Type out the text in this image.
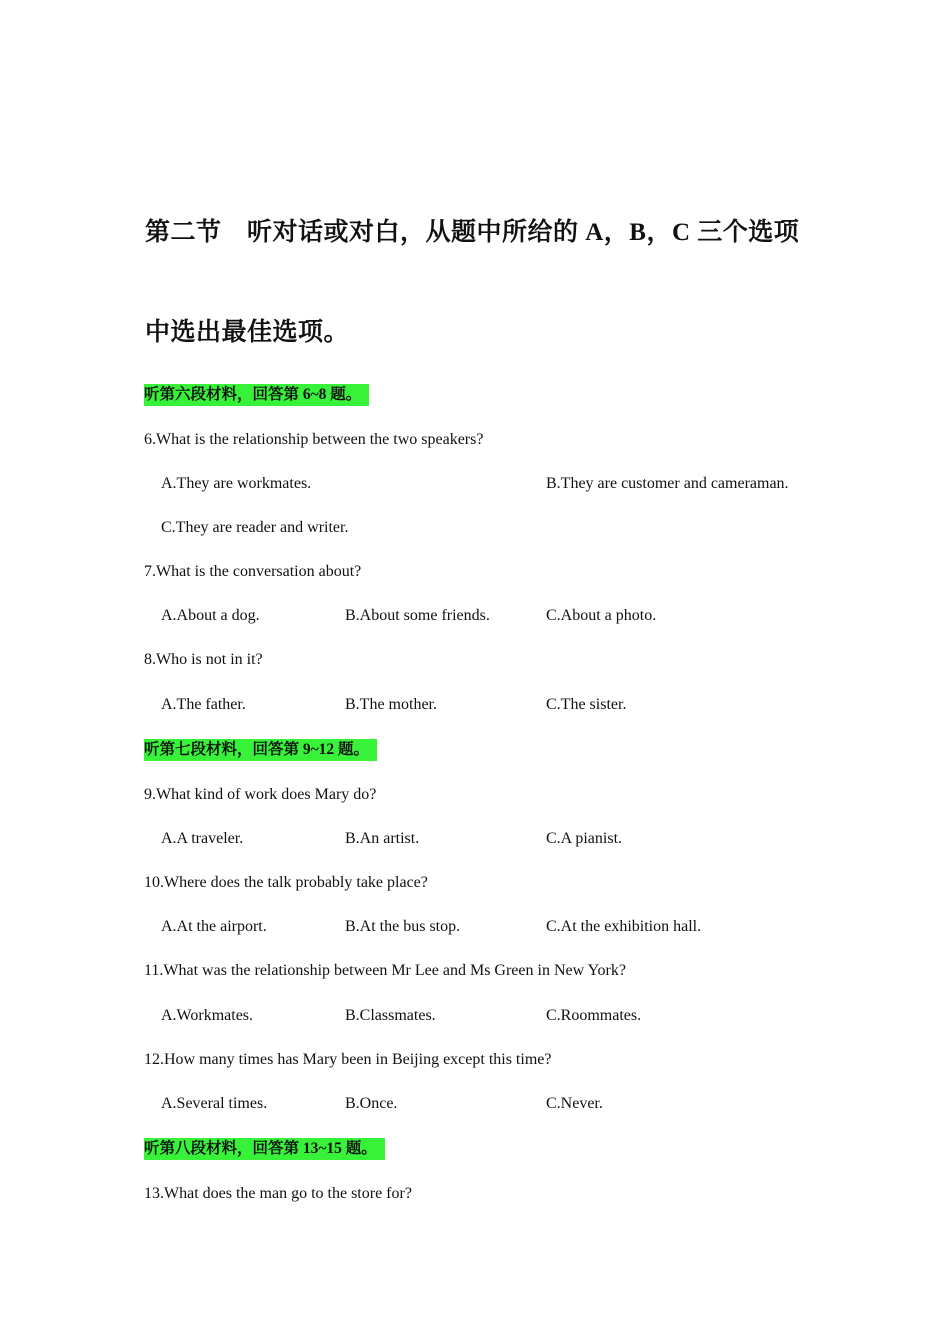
第二节　听对话或对白，从题中所给的 A，B，C 三个选项
中选出最佳选项。
听第六段材料，回答第 6~8 题。
6.What is the relationship between the two speakers?
A.They are workmates.	B.They are customer and cameraman.
C.They are reader and writer.
7.What is the conversation about?
A.About a dog.	B.About some friends.	C.About a photo.
8.Who is not in it?
A.The father.	B.The mother.	C.The sister.
听第七段材料，回答第 9~12 题。
9.What kind of work does Mary do?
A.A traveler.	B.An artist.	C.A pianist.
10.Where does the talk probably take place?
A.At the airport.	B.At the bus stop.	C.At the exhibition hall.
11.What was the relationship between Mr Lee and Ms Green in New York?
A.Workmates.	B.Classmates.	C.Roommates.
12.How many times has Mary been in Beijing except this time?
A.Several times.	B.Once.	C.Never.
听第八段材料，回答第 13~15 题。
13.What does the man go to the store for?
